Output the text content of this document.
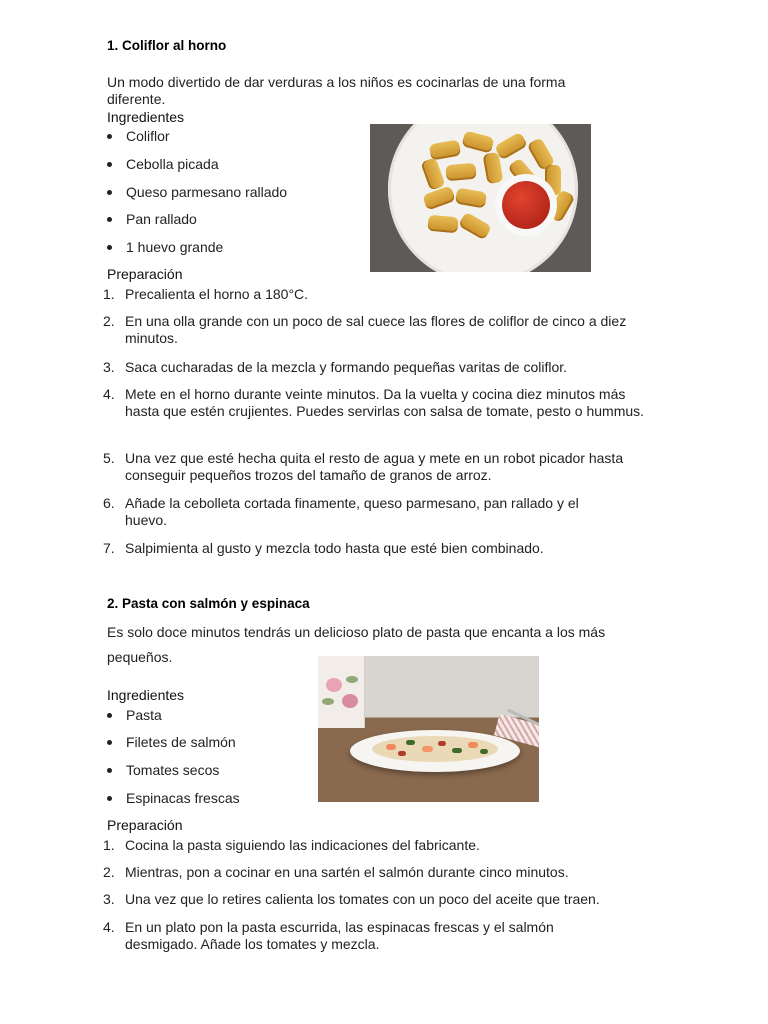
1. Coliflor al horno
Un modo divertido de dar verduras a los niños es cocinarlas de una forma diferente.
Ingredientes
Coliflor
Cebolla picada
Queso parmesano rallado
Pan rallado
1 huevo grande
Preparación
1. Precalienta el horno a 180°C.
2. En una olla grande con un poco de sal cuece las flores de coliflor de cinco a diez minutos.
3. Saca cucharadas de la mezcla y formando pequeñas varitas de coliflor.
4. Mete en el horno durante veinte minutos. Da la vuelta y cocina diez minutos más hasta que estén crujientes. Puedes servirlas con salsa de tomate, pesto o hummus.
5. Una vez que esté hecha quita el resto de agua y mete en un robot picador hasta conseguir pequeños trozos del tamaño de granos de arroz.
6. Añade la cebolleta cortada finamente, queso parmesano, pan rallado y el huevo.
7. Salpimienta al gusto y mezcla todo hasta que esté bien combinado.
2. Pasta con salmón y espinaca
Es solo doce minutos tendrás un delicioso plato de pasta que encanta a los más pequeños.
Ingredientes
Pasta
Filetes de salmón
Tomates secos
Espinacas frescas
Preparación
1. Cocina la pasta siguiendo las indicaciones del fabricante.
2. Mientras, pon a cocinar en una sartén el salmón durante cinco minutos.
3. Una vez que lo retires calienta los tomates con un poco del aceite que traen.
4. En un plato pon la pasta escurrida, las espinacas frescas y el salmón desmigado. Añade los tomates y mezcla.
